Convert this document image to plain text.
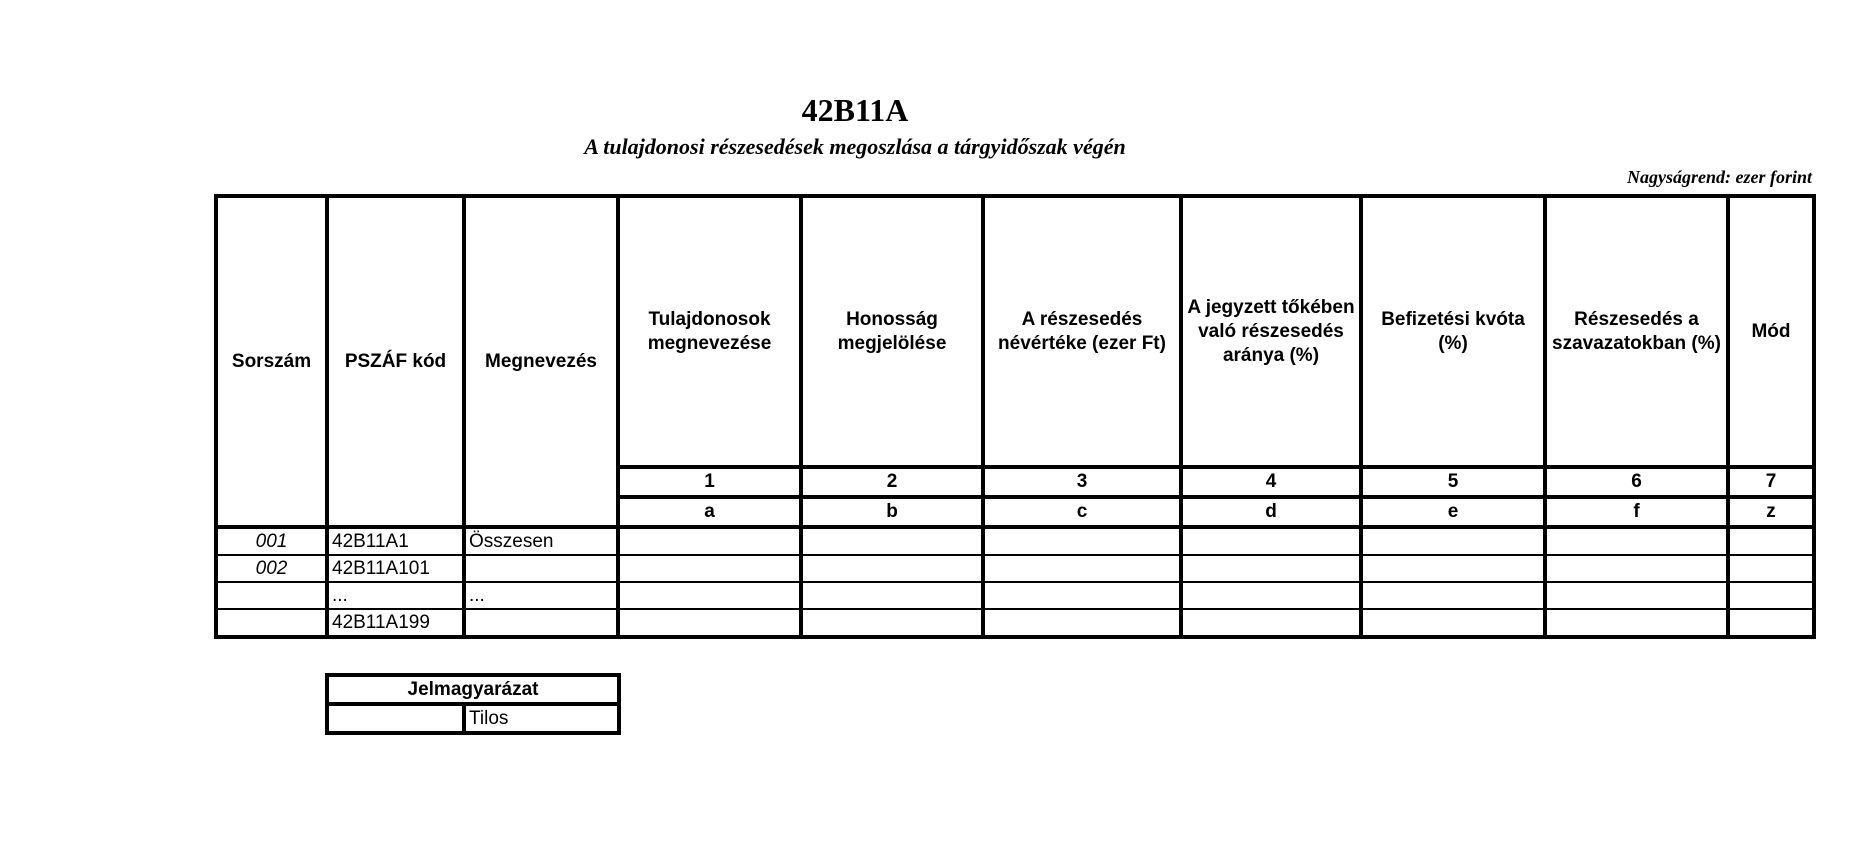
42B11A
A tulajdonosi részesedések megoszlása a tárgyidőszak végén
Nagyságrend: ezer forint
Sorszám	PSZÁF kód	Megnevezés	Tulajdonosok megnevezése	Honosság megjelölése	A részesedés névértéke (ezer Ft)	A jegyzett tőkében való részesedés aránya (%)	Befizetési kvóta (%)	Részesedés a szavazatokban (%)	Mód
			1	2	3	4	5	6	7
			a	b	c	d	e	f	z
001	42B11A1	Összesen							
002	42B11A101								
	...	...							
	42B11A199								
Jelmagyarázat
	Tilos
